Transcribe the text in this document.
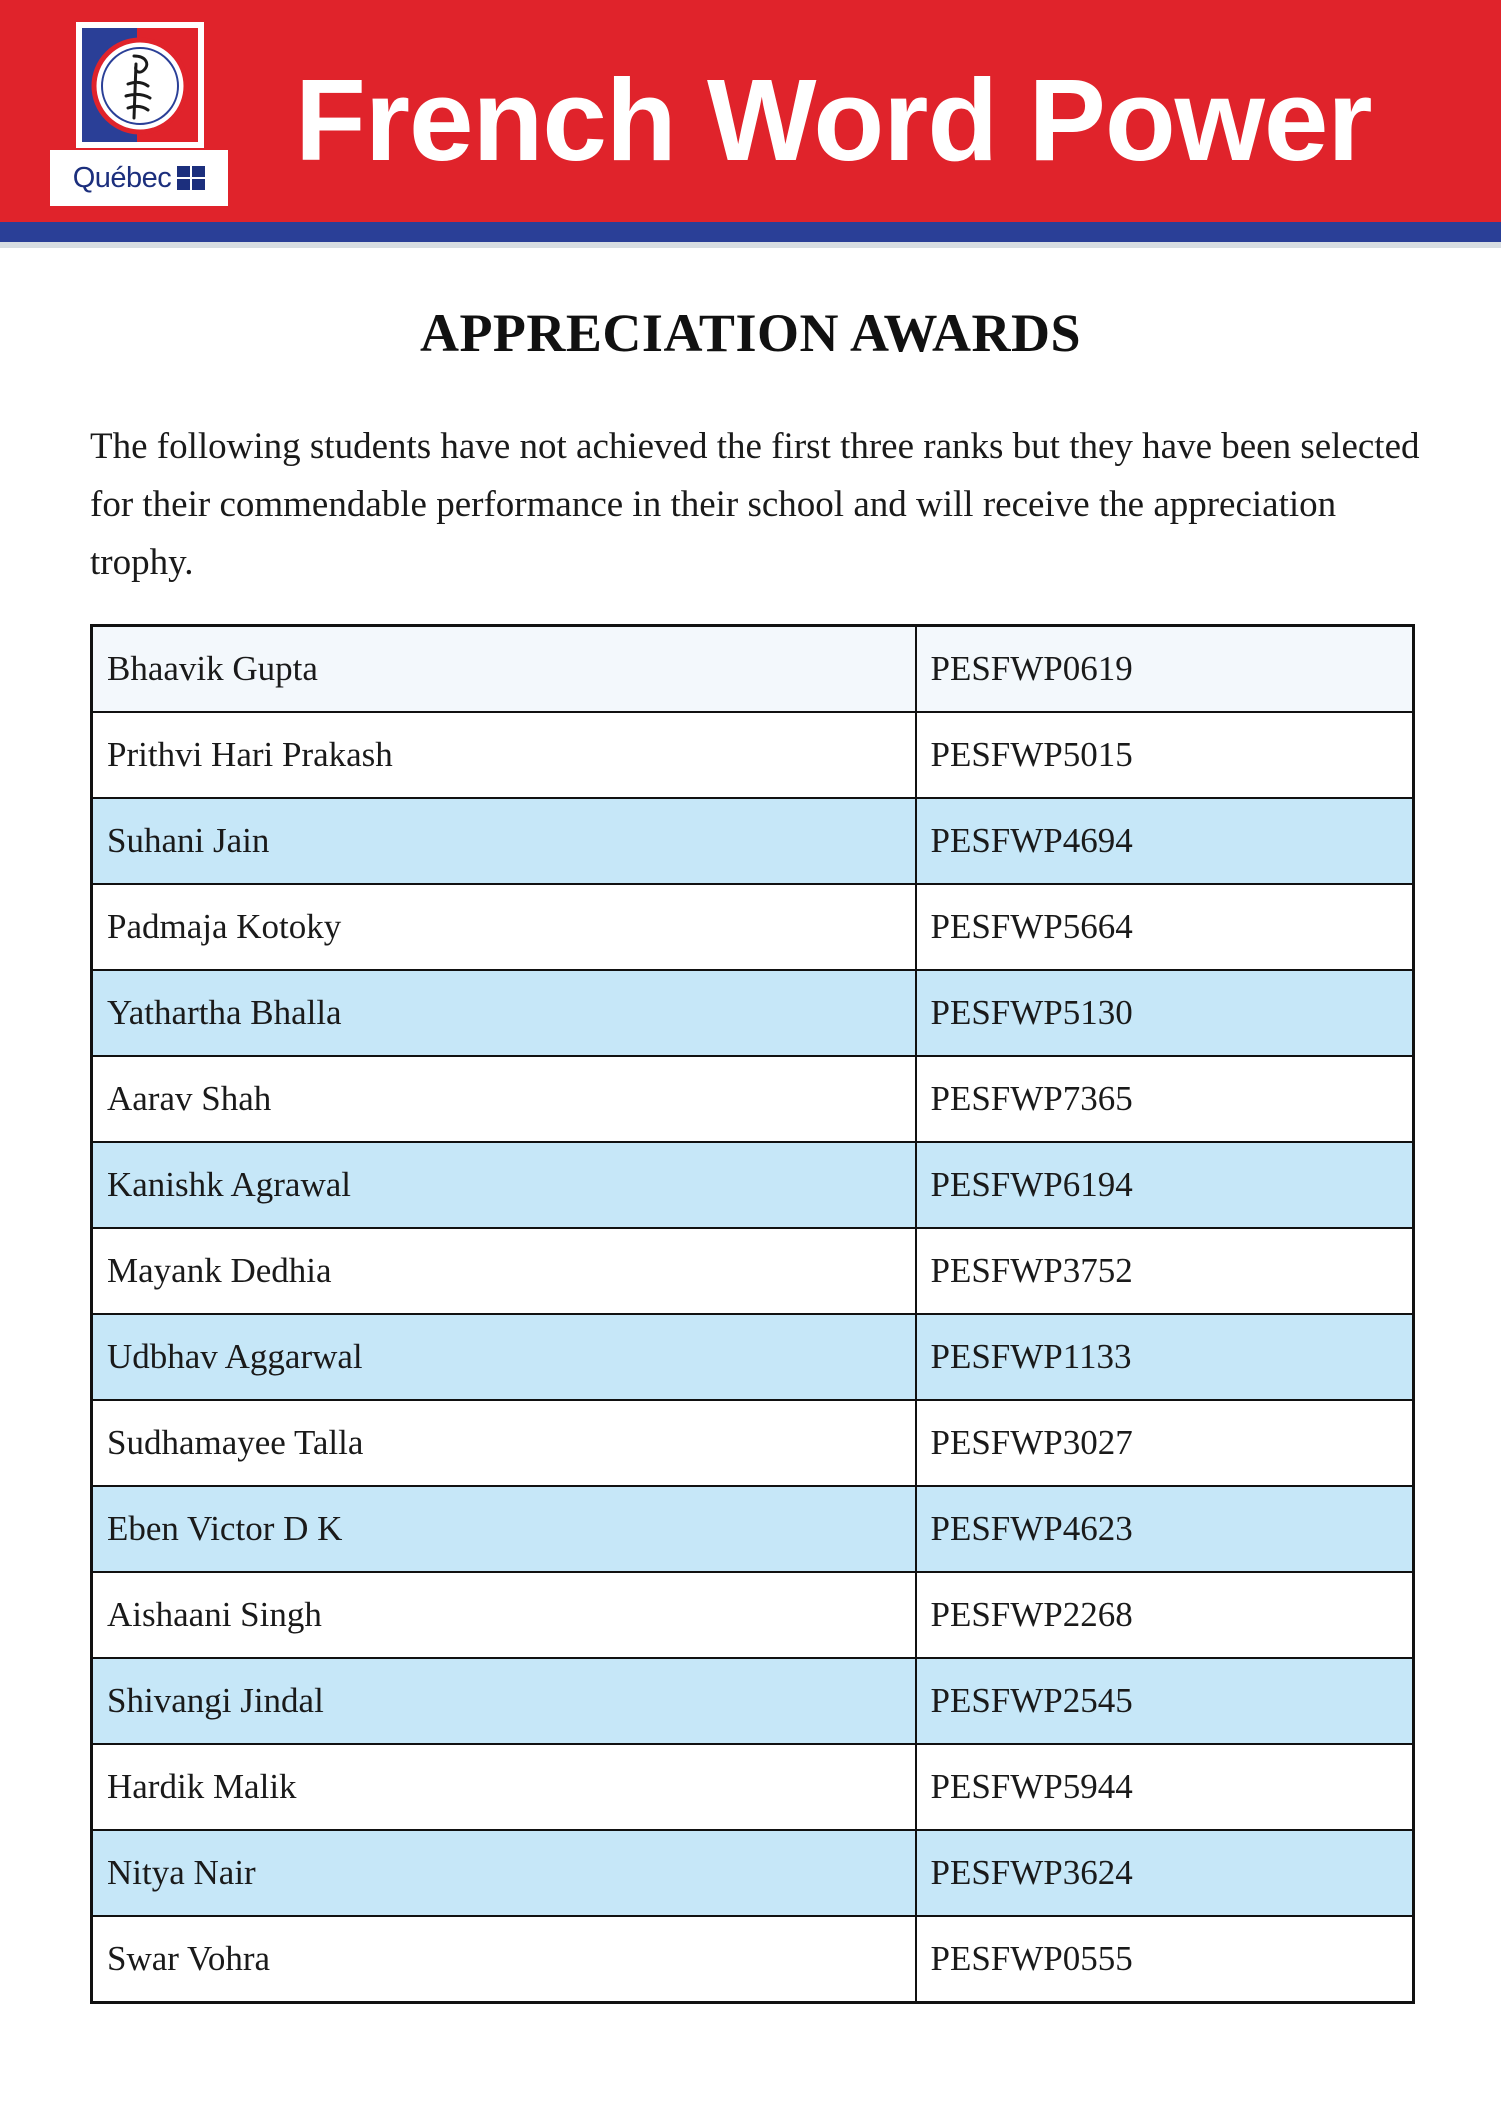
Québec French Word Power
APPRECIATION AWARDS
The following students have not achieved the first three ranks but they have been selected for their commendable performance in their school and will receive the appreciation trophy.
Bhaavik Gupta	PESFWP0619
Prithvi Hari Prakash	PESFWP5015
Suhani Jain	PESFWP4694
Padmaja Kotoky	PESFWP5664
Yathartha Bhalla	PESFWP5130
Aarav Shah	PESFWP7365
Kanishk Agrawal	PESFWP6194
Mayank Dedhia	PESFWP3752
Udbhav Aggarwal	PESFWP1133
Sudhamayee Talla	PESFWP3027
Eben Victor D K	PESFWP4623
Aishaani Singh	PESFWP2268
Shivangi Jindal	PESFWP2545
Hardik Malik	PESFWP5944
Nitya Nair	PESFWP3624
Swar Vohra	PESFWP0555
